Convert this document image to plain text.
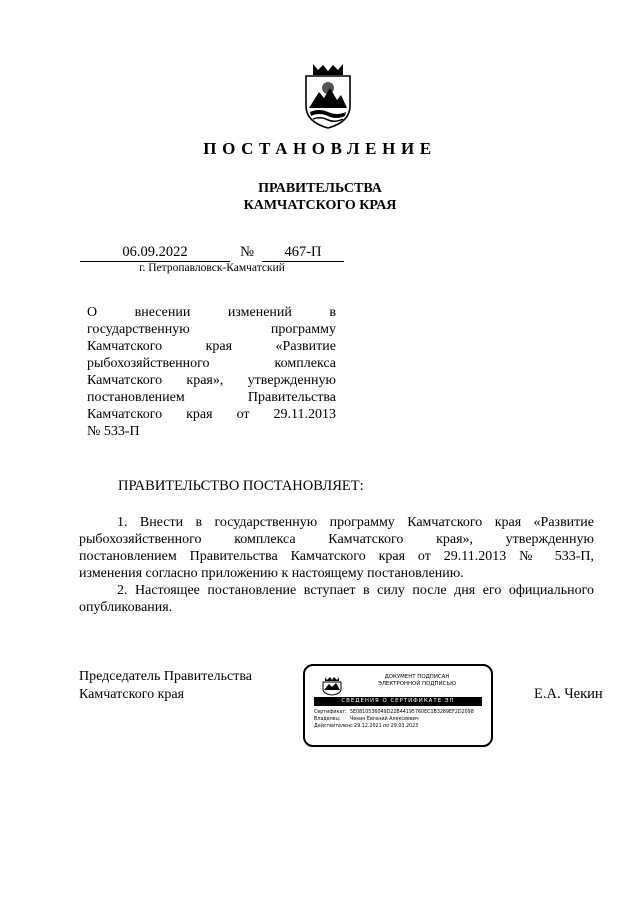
ПОСТАНОВЛЕНИЕ
ПРАВИТЕЛЬСТВА
КАМЧАТСКОГО КРАЯ
06.09.2022	№	467-П
г. Петропавловск-Камчатский
О внесении изменений в
государственную программу
Камчатского края «Развитие
рыбохозяйственного комплекса
Камчатского края», утвержденную
постановлением Правительства
Камчатского края от 29.11.2013
№ 533-П
ПРАВИТЕЛЬСТВО ПОСТАНОВЛЯЕТ:
1. Внести в государственную программу Камчатского края «Развитие
рыбохозяйственного комплекса Камчатского края», утвержденную
постановлением Правительства Камчатского края от 29.11.2013 № 533-П,
изменения согласно приложению к настоящему постановлению.
2. Настоящее постановление вступает в силу после дня его официального
опубликования.
Председатель Правительства
Камчатского края
ДОКУМЕНТ ПОДПИСАН
ЭЛЕКТРОННОЙ ПОДПИСЬЮ
СВЕДЕНИЯ О СЕРТИФИКАТЕ ЭП
Сертификат: 5E0810536049D22B44195760EC1B3289EF2D2098
Владелец: Чекин Евгений Алексеевич
Действителенс 29.12.2021 по 29.03.2023
Е.А. Чекин
